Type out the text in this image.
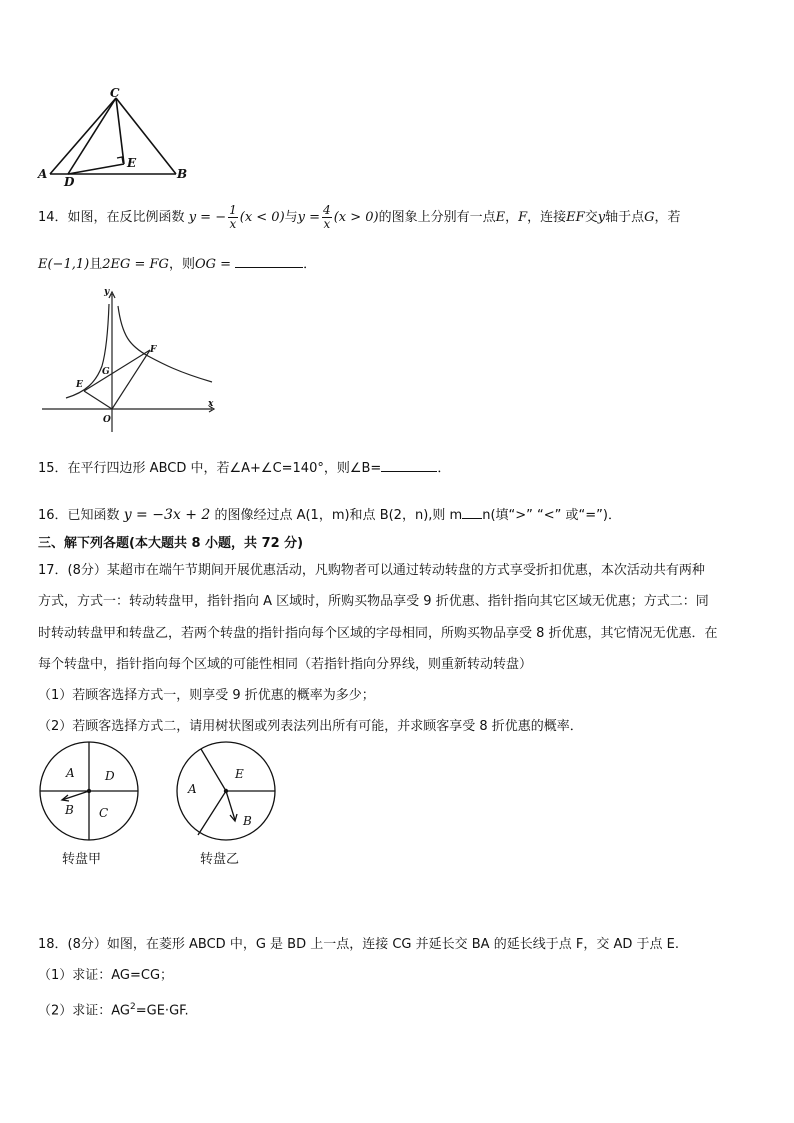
C
A
D
E
B
14．如图，在反比例函数 y = − $\frac{1}{x} (x < 0)$与$y = \frac{4}{x} (x > 0)$的图象上分别有一点E，F，连接EF交y轴于点G，若
E(−1,1)且2EG = FG，则OG =	．
y
x
O
E
G
F
15．在平行四边形 ABCD 中，若∠A+∠C=140°，则∠B=	．
16．已知函数 y = −3x + 2 的图像经过点 A(1，m)和点 B(2，n),则 m n(填“>” “<” 或“=”)．
三、解下列各题(本大题共 8 小题，共 72 分)
17．(8分）某超市在端午节期间开展优惠活动，凡购物者可以通过转动转盘的方式享受折扣优惠，本次活动共有两种
方式，方式一：转动转盘甲，指针指向 A 区域时，所购买物品享受 9 折优惠、指针指向其它区域无优惠；方式二：同
时转动转盘甲和转盘乙，若两个转盘的指针指向每个区域的字母相同，所购买物品享受 8 折优惠，其它情况无优惠．在
每个转盘中，指针指向每个区域的可能性相同（若指针指向分界线，则重新转动转盘）
（1）若顾客选择方式一，则享受 9 折优惠的概率为多少；
（2）若顾客选择方式二，请用树状图或列表法列出所有可能，并求顾客享受 8 折优惠的概率．
A	D
B C
转盘甲
E
A
B
转盘乙
18．(8分）如图，在菱形 ABCD 中，G 是 BD 上一点，连接 CG 并延长交 BA 的延长线于点 F，交 AD 于点 E.
（1）求证：AG=CG；
（2）求证：$AG^2=GE\cdot GF$.
